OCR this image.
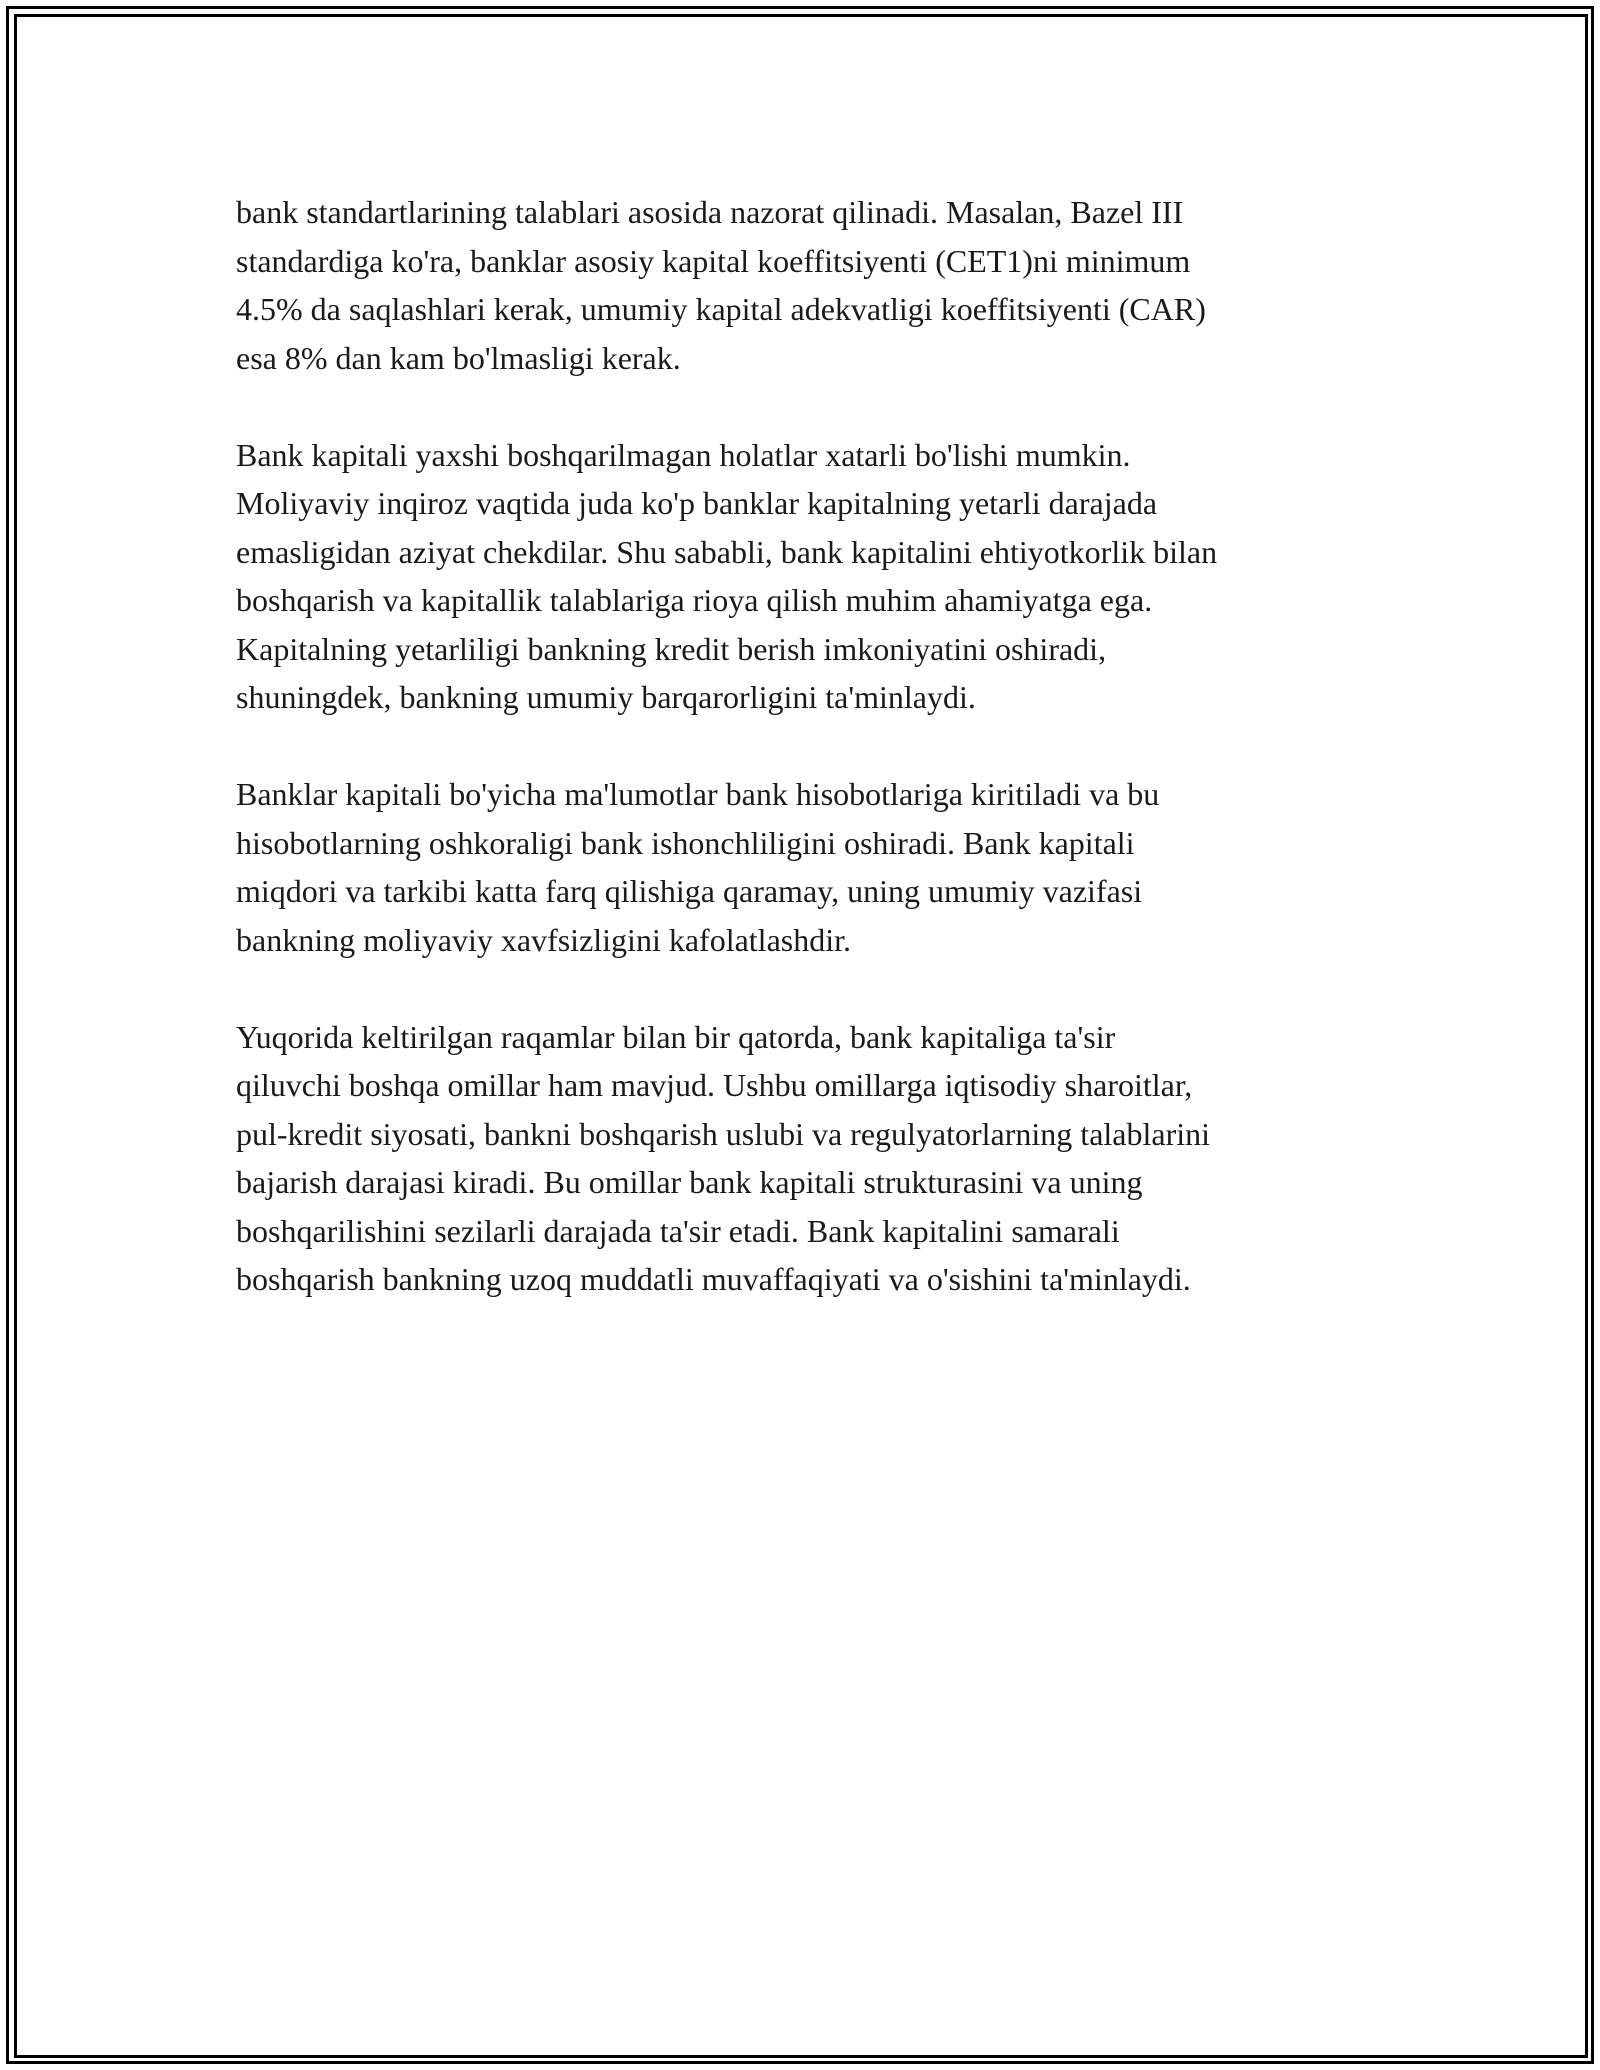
bank standartlarining talablari asosida nazorat qilinadi. Masalan, Bazel III
standardiga ko'ra, banklar asosiy kapital koeffitsiyenti (CET1)ni minimum
4.5% da saqlashlari kerak, umumiy kapital adekvatligi koeffitsiyenti (CAR)
esa 8% dan kam bo'lmasligi kerak.

Bank kapitali yaxshi boshqarilmagan holatlar xatarli bo'lishi mumkin.
Moliyaviy inqiroz vaqtida juda ko'p banklar kapitalning yetarli darajada
emasligidan aziyat chekdilar. Shu sababli, bank kapitalini ehtiyotkorlik bilan
boshqarish va kapitallik talablariga rioya qilish muhim ahamiyatga ega.
Kapitalning yetarliligi bankning kredit berish imkoniyatini oshiradi,
shuningdek, bankning umumiy barqarorligini ta'minlaydi.

Banklar kapitali bo'yicha ma'lumotlar bank hisobotlariga kiritiladi va bu
hisobotlarning oshkoraligi bank ishonchliligini oshiradi. Bank kapitali
miqdori va tarkibi katta farq qilishiga qaramay, uning umumiy vazifasi
bankning moliyaviy xavfsizligini kafolatlashdir.

Yuqorida keltirilgan raqamlar bilan bir qatorda, bank kapitaliga ta'sir
qiluvchi boshqa omillar ham mavjud. Ushbu omillarga iqtisodiy sharoitlar,
pul-kredit siyosati, bankni boshqarish uslubi va regulyatorlarning talablarini
bajarish darajasi kiradi. Bu omillar bank kapitali strukturasini va uning
boshqarilishini sezilarli darajada ta'sir etadi. Bank kapitalini samarali
boshqarish bankning uzoq muddatli muvaffaqiyati va o'sishini ta'minlaydi.
